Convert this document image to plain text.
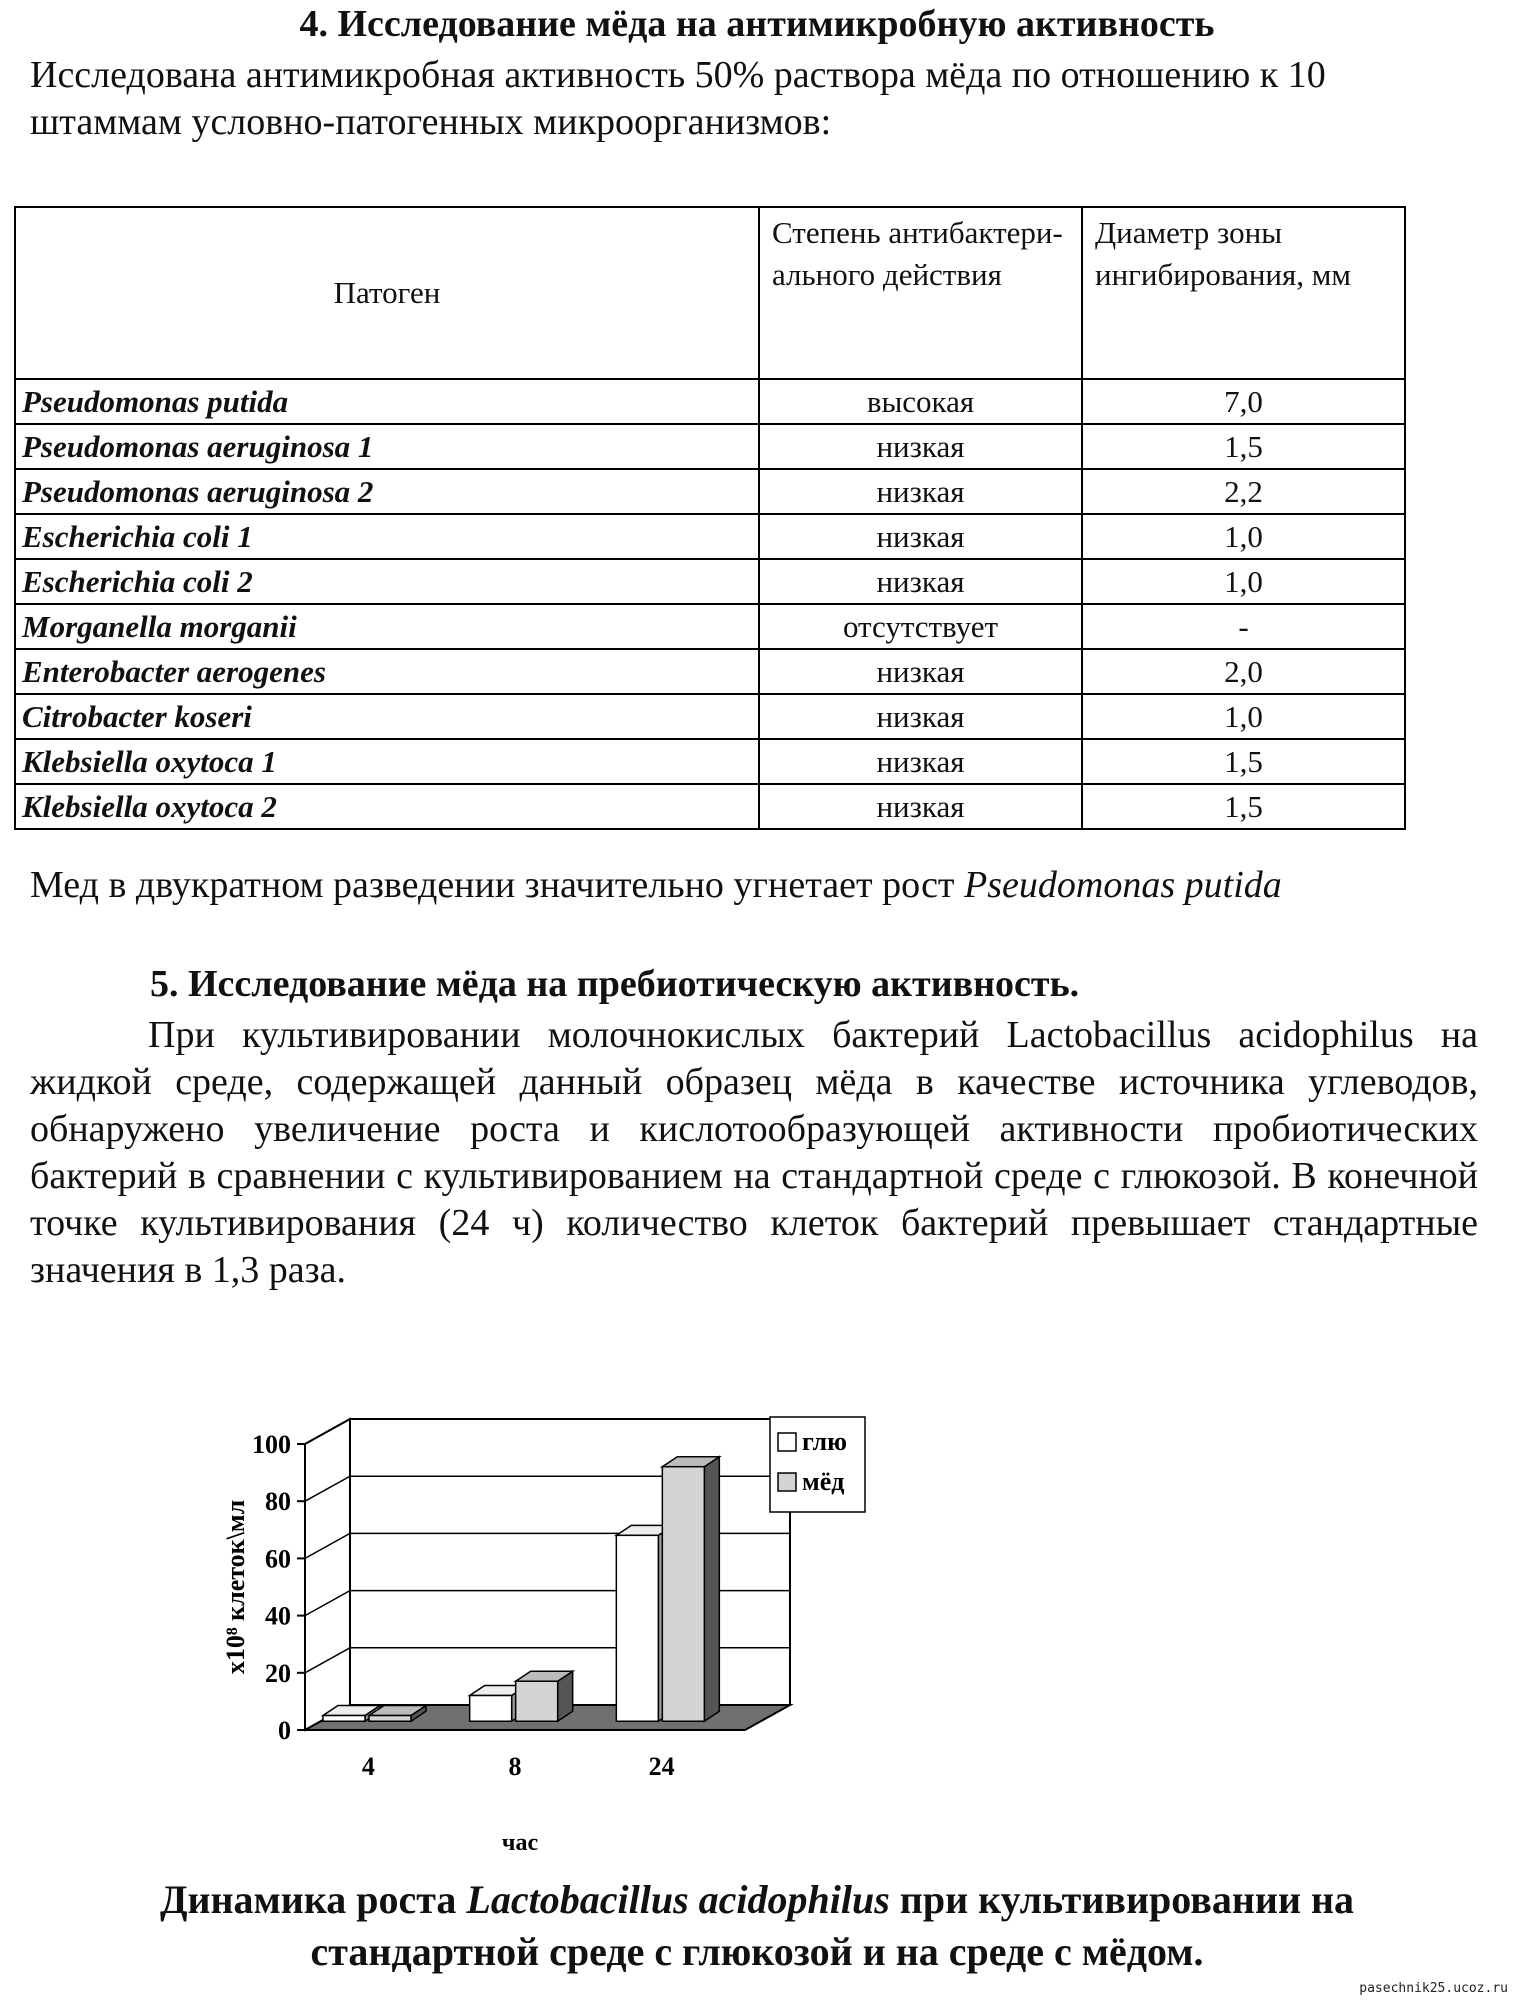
4. Исследование мёда на антимикробную активность
Исследована антимикробная активность 50% раствора мёда по отношению к 10 штаммам условно-патогенных микроорганизмов:
Патоген	Степень антибактери-ального действия	Диаметр зоны ингибирования, мм
Pseudomonas putida	высокая	7,0
Pseudomonas aeruginosa 1	низкая	1,5
Pseudomonas aeruginosa 2	низкая	2,2
Escherichia coli 1	низкая	1,0
Escherichia coli 2	низкая	1,0
Morganella morganii	отсутствует	-
Enterobacter aerogenes	низкая	2,0
Citrobacter koseri	низкая	1,0
Klebsiella oxytoca 1	низкая	1,5
Klebsiella oxytoca 2	низкая	1,5
Мед в двукратном разведении значительно угнетает рост Pseudomonas putida
5. Исследование мёда на пребиотическую активность.
При культивировании молочнокислых бактерий Lactobacillus acidophilus на жидкой среде, содержащей данный образец мёда в качестве источника углеводов, обнаружено увеличение роста и кислотообразующей активности пробиотических бактерий в сравнении с культивированием на стандартной среде с глюкозой. В конечной точке культивирования (24 ч) количество клеток бактерий превышает стандартные значения в 1,3 раза.
0
20
40
60
80
100
4	8	24
час
x10⁸ клеток\мл
глю
мёд
Динамика роста Lactobacillus acidophilus при культивировании на
стандартной среде с глюкозой и на среде с мёдом.
pasechnik25.ucoz.ru
